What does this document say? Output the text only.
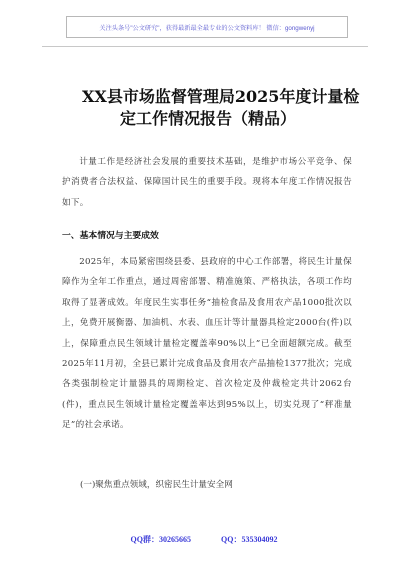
关注头条号"公文研究"，获得最新最全最专业的公文资料库！ 微信：gongwenyj
XX县市场监督管理局2025年度计量检
定工作情况报告（精品）

计量工作是经济社会发展的重要技术基础，是维护市场公平竞争、保护消费者合法权益、保障国计民生的重要手段。现将本年度工作情况报告如下。

一、基本情况与主要成效

2025年，本局紧密围绕县委、县政府的中心工作部署，将民生计量保障作为全年工作重点，通过周密部署、精准施策、严格执法，各项工作均取得了显著成效。年度民生实事任务“抽检食品及食用农产品1000批次以上，免费开展衡器、加油机、水表、血压计等计量器具检定2000台(件)以上，保障重点民生领域计量检定覆盖率90%以上”已全面超额完成。截至2025年11月初，全县已累计完成食品及食用农产品抽检1377批次；完成各类强制检定计量器具的周期检定、首次检定及仲裁检定共计2062台(件)，重点民生领域计量检定覆盖率达到95%以上，切实兑现了“秤准量足”的社会承诺。

(一)聚焦重点领域，织密民生计量安全网
QQ群：30265665	QQ：535304092
